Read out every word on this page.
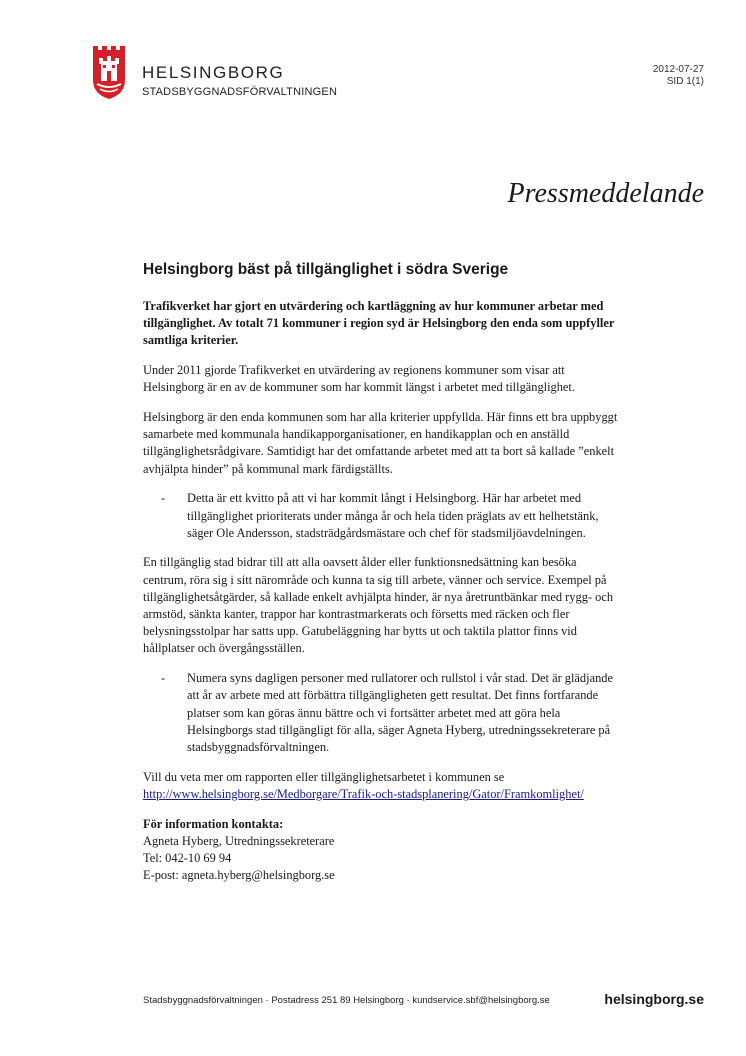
HELSINGBORG
STADSBYGGNADSFÖRVALTNINGEN
2012-07-27
SID 1(1)
Pressmeddelande
Helsingborg bäst på tillgänglighet i södra Sverige

Trafikverket har gjort en utvärdering och kartläggning av hur kommuner arbetar med tillgänglighet. Av totalt 71 kommuner i region syd är Helsingborg den enda som uppfyller samtliga kriterier.

Under 2011 gjorde Trafikverket en utvärdering av regionens kommuner som visar att Helsingborg är en av de kommuner som har kommit längst i arbetet med tillgänglighet.

Helsingborg är den enda kommunen som har alla kriterier uppfyllda. Här finns ett bra uppbyggt samarbete med kommunala handikapporganisationer, en handikapplan och en anställd tillgänglighetsrådgivare. Samtidigt har det omfattande arbetet med att ta bort så kallade ”enkelt avhjälpta hinder” på kommunal mark färdigställts.

-	Detta är ett kvitto på att vi har kommit långt i Helsingborg. Här har arbetet med tillgänglighet prioriterats under många år och hela tiden präglats av ett helhetstänk, säger Ole Andersson, stadsträdgårdsmästare och chef för stadsmiljöavdelningen.

En tillgänglig stad bidrar till att alla oavsett ålder eller funktionsnedsättning kan besöka centrum, röra sig i sitt närområde och kunna ta sig till arbete, vänner och service. Exempel på tillgänglighetsåtgärder, så kallade enkelt avhjälpta hinder, är nya åretruntbänkar med rygg- och armstöd, sänkta kanter, trappor har kontrastmarkerats och försetts med räcken och fler belysningsstolpar har satts upp. Gatubeläggning har bytts ut och taktila plattor finns vid hållplatser och övergångsställen.

-	Numera syns dagligen personer med rullatorer och rullstol i vår stad. Det är glädjande att år av arbete med att förbättra tillgängligheten gett resultat. Det finns fortfarande platser som kan göras ännu bättre och vi fortsätter arbetet med att göra hela Helsingborgs stad tillgängligt för alla, säger Agneta Hyberg, utredningssekreterare på stadsbyggnadsförvaltningen.

Vill du veta mer om rapporten eller tillgänglighetsarbetet i kommunen se
http://www.helsingborg.se/Medborgare/Trafik-och-stadsplanering/Gator/Framkomlighet/

För information kontakta:

Agneta Hyberg, Utredningssekreterare

Tel: 042-10 69 94

E-post: agneta.hyberg@helsingborg.se

Stadsbyggnadsförvaltningen · Postadress 251 89 Helsingborg · kundservice.sbf@helsingborg.se	helsingborg.se
